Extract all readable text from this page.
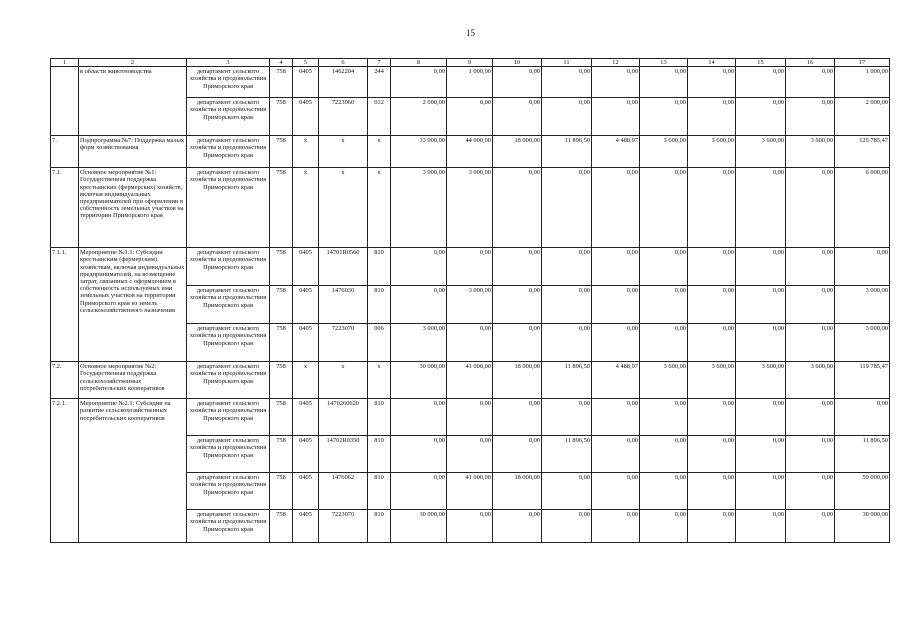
15
1	2	3	4	5	6	7	8	9	10	11	12	13	14	15	16	17
	в области животноводства	департамент сельского хозяйства и продовольствия Приморского края	758	0405	1462204	244	0,00	1 000,00	0,00	0,00	0,00	0,00	0,00	0,00	0,00	1 000,00
		департамент сельского хозяйства и продовольствия Приморского края	758	0405	7223060	012	2 000,00	0,00	0,00	0,00	0,00	0,00	0,00	0,00	0,00	2 000,00
7.	Подпрограмма №7: Поддержка малых форм хозяйствования	департамент сельского хозяйства и продовольствия Приморского края	758	х	х	х	33 000,00	44 000,00	18 000,00	11 896,50	4 488,97	3 600,00	3 600,00	3 600,00	3 600,00	125 785,47
7.1.	Основное мероприятие №1: Государственная поддержка крестьянских (фермерских) хозяйств, включая индивидуальных предпринимателей при оформлении в собственность земельных участков на территории Приморского края	департамент сельского хозяйства и продовольствия Приморского края	758	х	х	х	3 000,00	3 000,00	0,00	0,00	0,00	0,00	0,00	0,00	0,00	6 000,00
7.1.1.	Мероприятие №1.1: Субсидии крестьянским (фермерским) хозяйствам, включая индивидуальных предпринимателей, на возмещение затрат, связанных с оформлением в собственность используемых ими земельных участков на территории Приморского края из земель сельскохозяйственного назначения	департамент сельского хозяйства и продовольствия Приморского края	758	0405	14701R0560	810	0,00	0,00	0,00	0,00	0,00	0,00	0,00	0,00	0,00	0,00
		департамент сельского хозяйства и продовольствия Приморского края	758	0405	1476030	810	0,00	3 000,00	0,00	0,00	0,00	0,00	0,00	0,00	0,00	3 000,00
		департамент сельского хозяйства и продовольствия Приморского края	758	0405	7223070	006	3 000,00	0,00	0,00	0,00	0,00	0,00	0,00	0,00	0,00	3 000,00
7.2.	Основное мероприятие №2: Государственная поддержка сельскохозяйственных потребительских кооперативов	департамент сельского хозяйства и продовольствия Приморского края	758	х	х	х	30 000,00	41 000,00	18 000,00	11 896,50	4 488,97	3 600,00	3 600,00	3 600,00	3 600,00	119 785,47
7.2.1.	Мероприятие №2.1: Субсидии на развитие сельскохозяйственных потребительских кооперативов	департамент сельского хозяйства и продовольствия Приморского края	758	0405	1470260620	810	0,00	0,00	0,00	0,00	0,00	0,00	0,00	0,00	0,00	0,00
		департамент сельского хозяйства и продовольствия Приморского края	758	0405	14702R0350	810	0,00	0,00	0,00	11 896,50	0,00	0,00	0,00	0,00	0,00	11 896,50
		департамент сельского хозяйства и продовольствия Приморского края	758	0405	1476062	810	0,00	41 000,00	18 000,00	0,00	0,00	0,00	0,00	0,00	0,00	59 000,00
		департамент сельского хозяйства и продовольствия Приморского края	758	0405	7223070	810	30 000,00	0,00	0,00	0,00	0,00	0,00	0,00	0,00	0,00	30 000,00
